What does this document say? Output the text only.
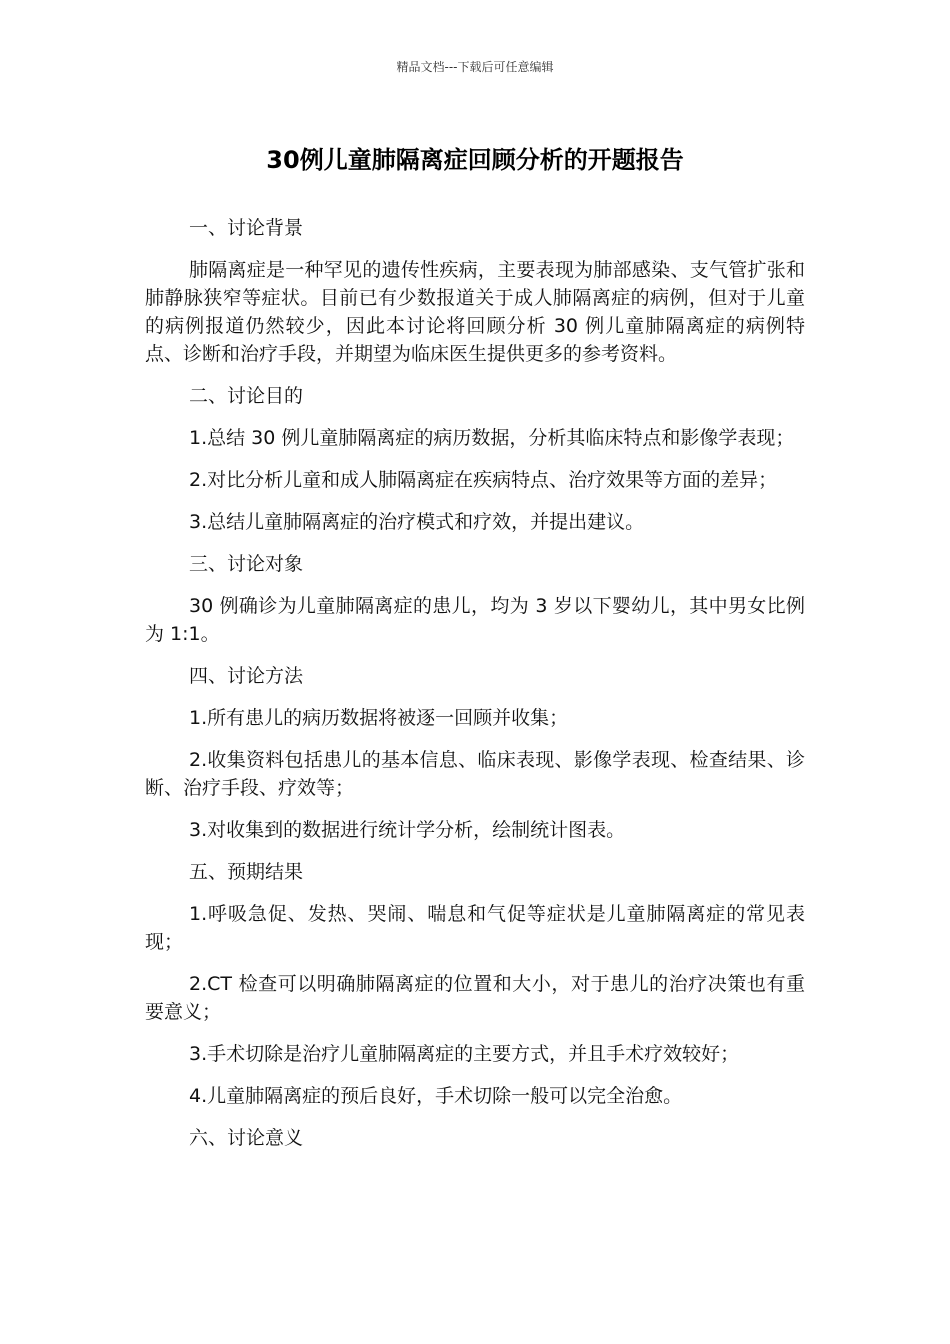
精品文档---下载后可任意编辑
30例儿童肺隔离症回顾分析的开题报告

一、讨论背景

肺隔离症是一种罕见的遗传性疾病，主要表现为肺部感染、支气管扩张和肺静脉狭窄等症状。目前已有少数报道关于成人肺隔离症的病例，但对于儿童的病例报道仍然较少，因此本讨论将回顾分析 30 例儿童肺隔离症的病例特点、诊断和治疗手段，并期望为临床医生提供更多的参考资料。

二、讨论目的

1.总结 30 例儿童肺隔离症的病历数据，分析其临床特点和影像学表现；

2.对比分析儿童和成人肺隔离症在疾病特点、治疗效果等方面的差异；

3.总结儿童肺隔离症的治疗模式和疗效，并提出建议。

三、讨论对象

30 例确诊为儿童肺隔离症的患儿，均为 3 岁以下婴幼儿，其中男女比例为 1:1。

四、讨论方法

1.所有患儿的病历数据将被逐一回顾并收集；

2.收集资料包括患儿的基本信息、临床表现、影像学表现、检查结果、诊断、治疗手段、疗效等；

3.对收集到的数据进行统计学分析，绘制统计图表。

五、预期结果

1.呼吸急促、发热、哭闹、喘息和气促等症状是儿童肺隔离症的常见表现；

2.CT 检查可以明确肺隔离症的位置和大小，对于患儿的治疗决策也有重要意义；

3.手术切除是治疗儿童肺隔离症的主要方式，并且手术疗效较好；

4.儿童肺隔离症的预后良好，手术切除一般可以完全治愈。

六、讨论意义
